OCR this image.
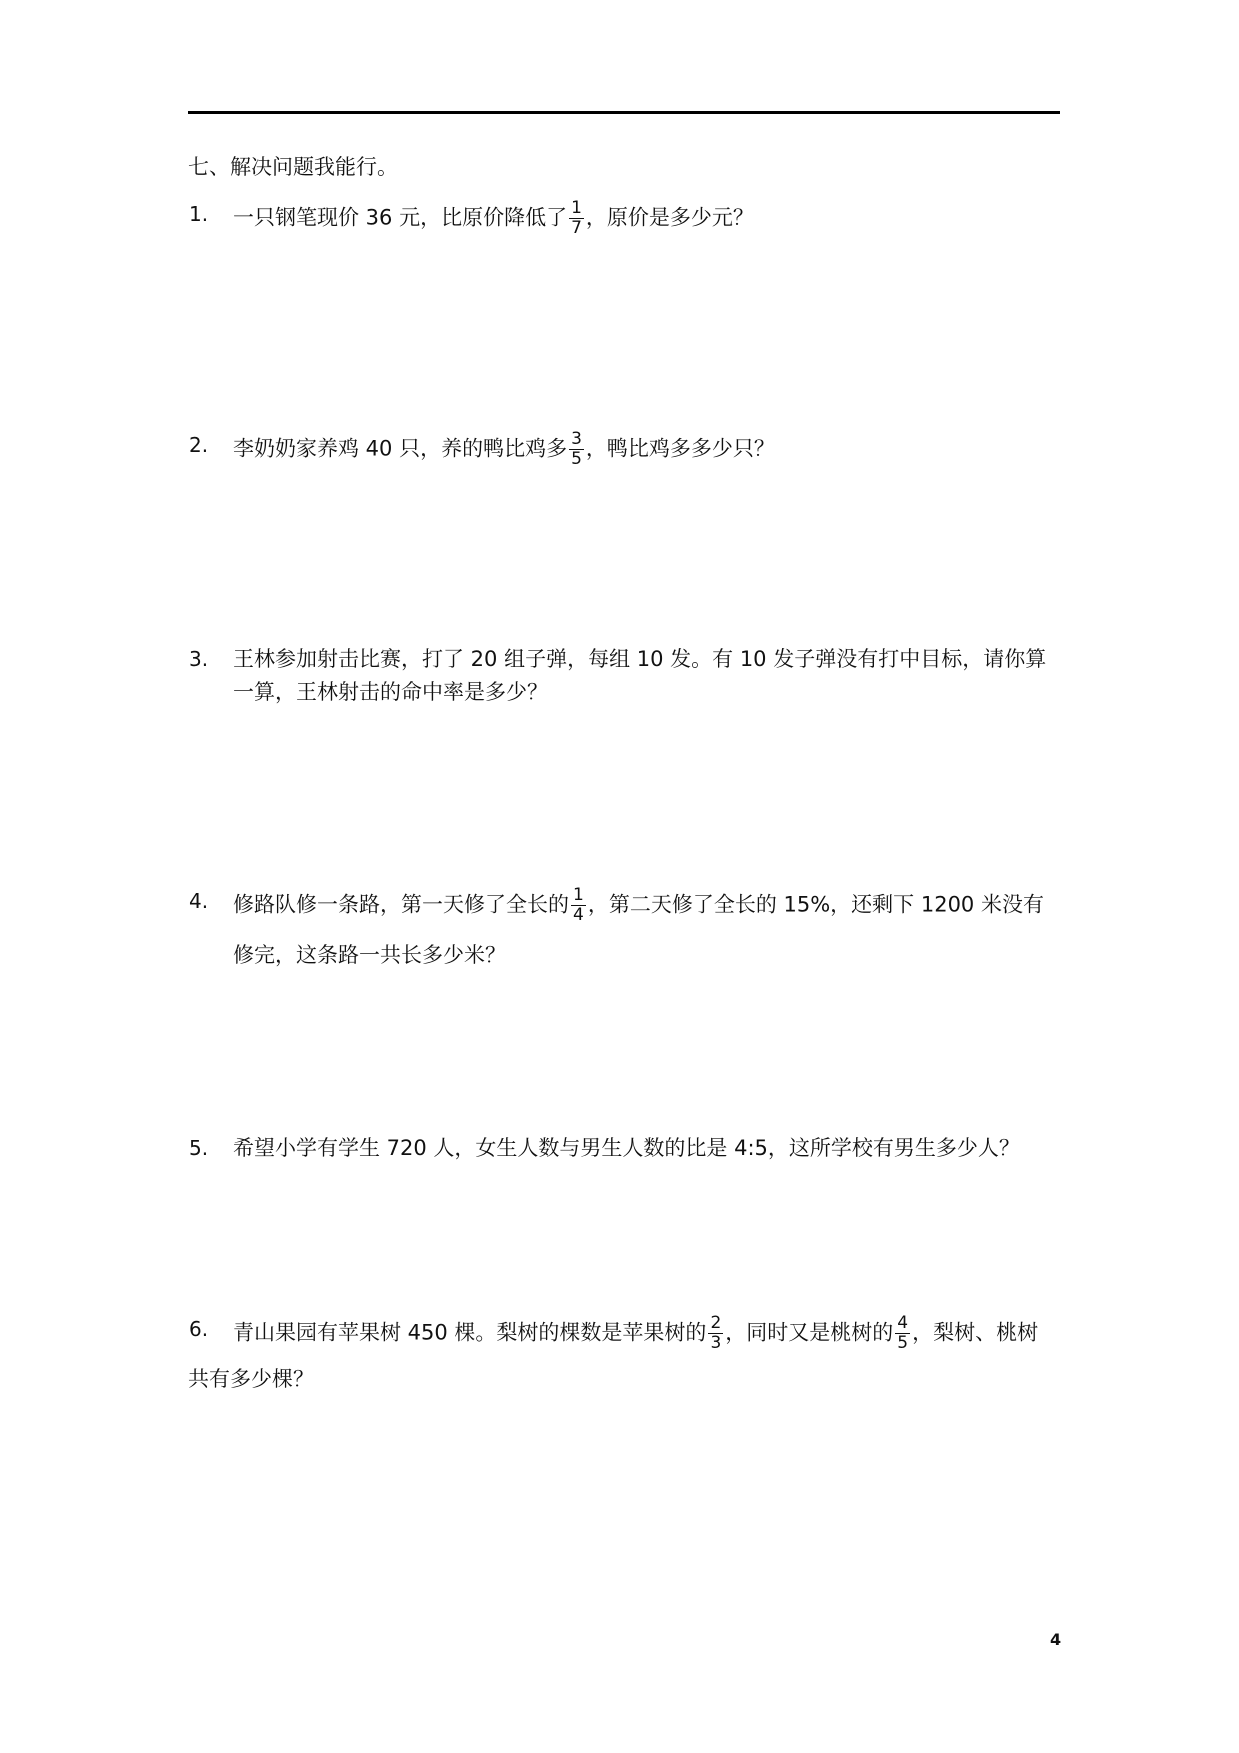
七、解决问题我能行。
1. 一只钢笔现价 36 元，比原价降低了 $\frac{1}{7}$ ，原价是多少元？
2. 李奶奶家养鸡 40 只，养的鸭比鸡多 $\frac{3}{5}$ ，鸭比鸡多多少只？
3. 王林参加射击比赛，打了 20 组子弹，每组 10 发。有 10 发子弹没有打中目标，请你算
一算，王林射击的命中率是多少？
4. 修路队修一条路，第一天修了全长的 $\frac{1}{4}$ ，第二天修了全长的 15%，还剩下 1200 米没有
修完，这条路一共长多少米？
5. 希望小学有学生 720 人，女生人数与男生人数的比是 4:5，这所学校有男生多少人？
6. 青山果园有苹果树 450 棵。梨树的棵数是苹果树的 $\frac{2}{3}$ ，同时又是桃树的 $\frac{4}{5}$ ，梨树、桃树
共有多少棵？
4
